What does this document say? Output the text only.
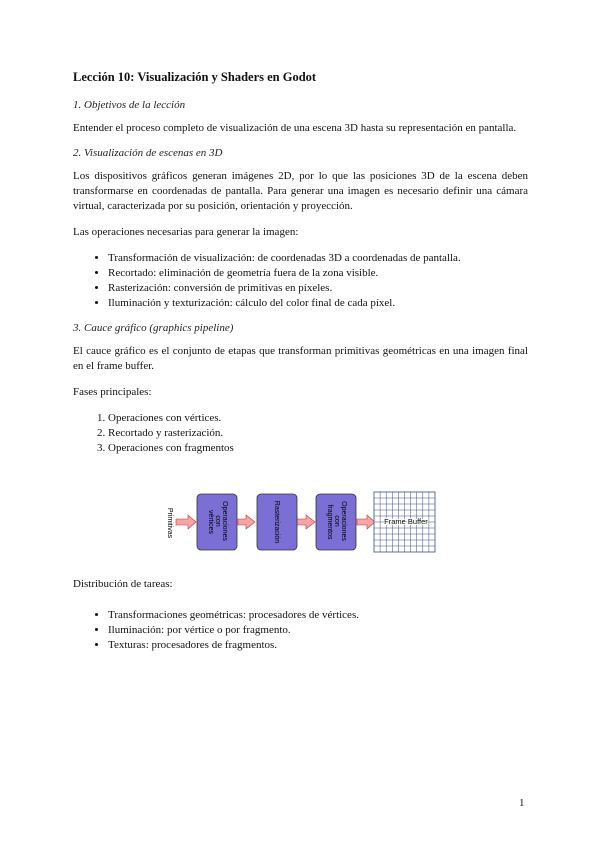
Lección 10: Visualización y Shaders en Godot
1. Objetivos de la lección

Entender el proceso completo de visualización de una escena 3D hasta su representación en pantalla.

2. Visualización de escenas en 3D

Los dispositivos gráficos generan imágenes 2D, por lo que las posiciones 3D de la escena deben transformarse en coordenadas de pantalla. Para generar una imagen es necesario definir una cámara virtual, caracterizada por su posición, orientación y proyección.

Las operaciones necesarias para generar la imagen:

• Transformación de visualización: de coordenadas 3D a coordenadas de pantalla.
• Recortado: eliminación de geometría fuera de la zona visible.
• Rasterización: conversión de primitivas en píxeles.
• Iluminación y texturización: cálculo del color final de cada píxel.
3. Cauce gráfico (graphics pipeline)

El cauce gráfico es el conjunto de etapas que transforman primitivas geométricas en una imagen final en el frame buffer.

Fases principales:

1. Operaciones con vértices.
2. Recortado y rasterización.
3. Operaciones con fragmentos
Primitivas	Operaciones con vértices	Rasterización	Operaciones con fragmentos	Frame Buffer

Distribución de tareas:

• Transformaciones geométricas: procesadores de vértices.
• Iluminación: por vértice o por fragmento.
• Texturas: procesadores de fragmentos.
1
